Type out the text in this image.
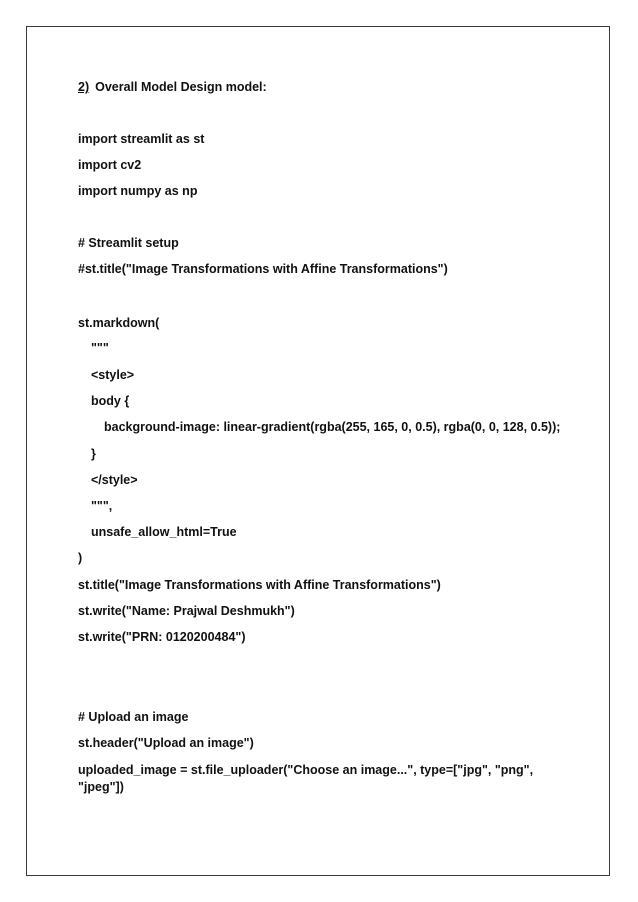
2) Overall Model Design model:
import streamlit as st
import cv2
import numpy as np
# Streamlit setup
#st.title("Image Transformations with Affine Transformations")
st.markdown(
"""
<style>
body {
background-image: linear-gradient(rgba(255, 165, 0, 0.5), rgba(0, 0, 128, 0.5));
}
</style>
""",
unsafe_allow_html=True
)
st.title("Image Transformations with Affine Transformations")
st.write("Name: Prajwal Deshmukh")
st.write("PRN: 0120200484")
# Upload an image
st.header("Upload an image")
uploaded_image = st.file_uploader("Choose an image...", type=["jpg", "png",
"jpeg"])
